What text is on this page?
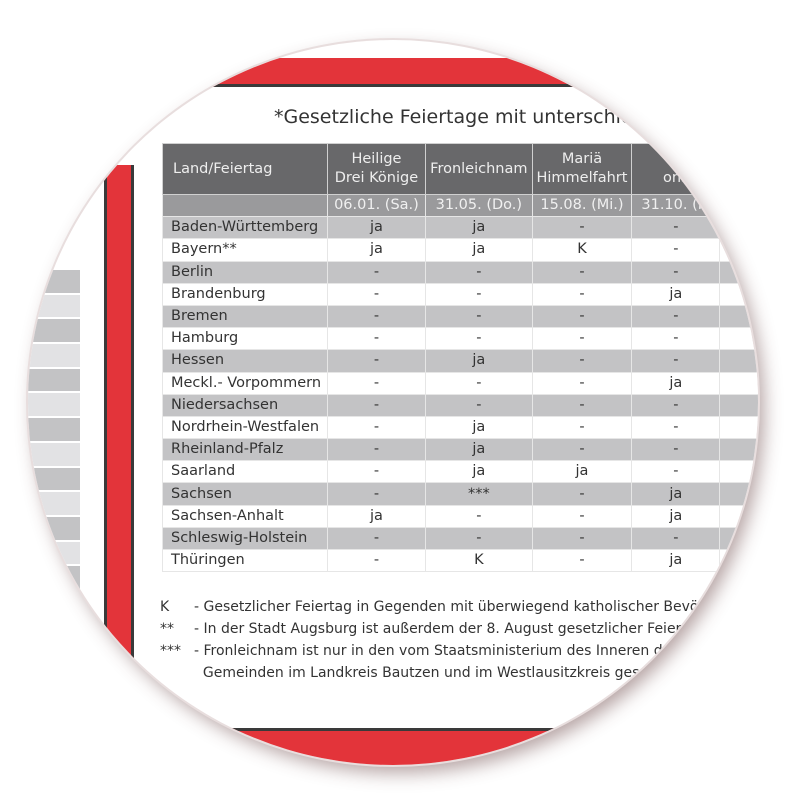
*Gesetzliche Feiertage mit unterschied
Land/Feiertag	Heilige
Drei Könige	Fronleichnam	Mariä
Himmelfahrt	Re
ons	
	06.01. (Sa.)	31.05. (Do.)	15.08. (Mi.)	31.10. (M	
Baden-Württemberg	ja	ja	-	-	
Bayern**	ja	ja	K	-	
Berlin	-	-	-	-	
Brandenburg	-	-	-	ja	
Bremen	-	-	-	-	
Hamburg	-	-	-	-	
Hessen	-	ja	-	-	
Meckl.- Vorpommern	-	-	-	ja	
Niedersachsen	-	-	-	-	
Nordrhein-Westfalen	-	ja	-	-	
Rheinland-Pfalz	-	ja	-	-	
Saarland	-	ja	ja	-	
Sachsen	-	***	-	ja	
Sachsen-Anhalt	ja	-	-	ja	
Schleswig-Holstein	-	-	-	-	
Thüringen	-	K	-	ja	
K	- Gesetzlicher Feiertag in Gegenden mit überwiegend katholischer Bevölker
**	- In der Stadt Augsburg ist außerdem der 8. August gesetzlicher Feiertag
*** - Fronleichnam ist nur in den vom Staatsministerium des Inneren durc
Gemeinden im Landkreis Bautzen und im Westlausitzkreis gesetzli
